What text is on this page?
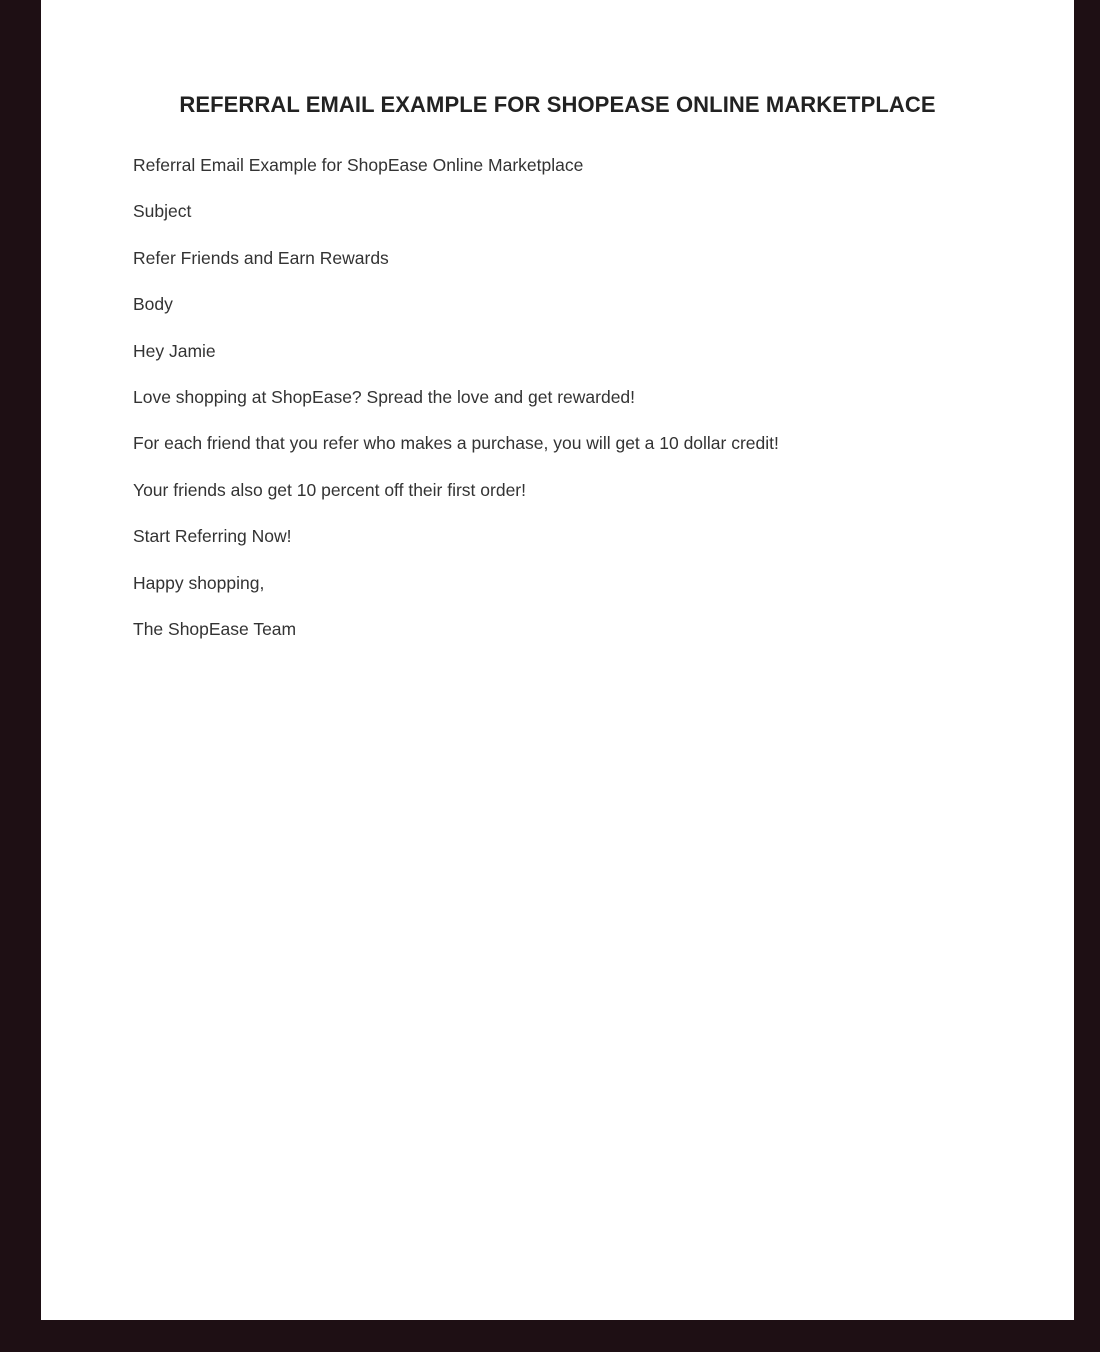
REFERRAL EMAIL EXAMPLE FOR SHOPEASE ONLINE MARKETPLACE

Referral Email Example for ShopEase Online Marketplace

Subject

Refer Friends and Earn Rewards

Body

Hey Jamie

Love shopping at ShopEase? Spread the love and get rewarded!

For each friend that you refer who makes a purchase, you will get a 10 dollar credit!

Your friends also get 10 percent off their first order!

Start Referring Now!

Happy shopping,

The ShopEase Team
